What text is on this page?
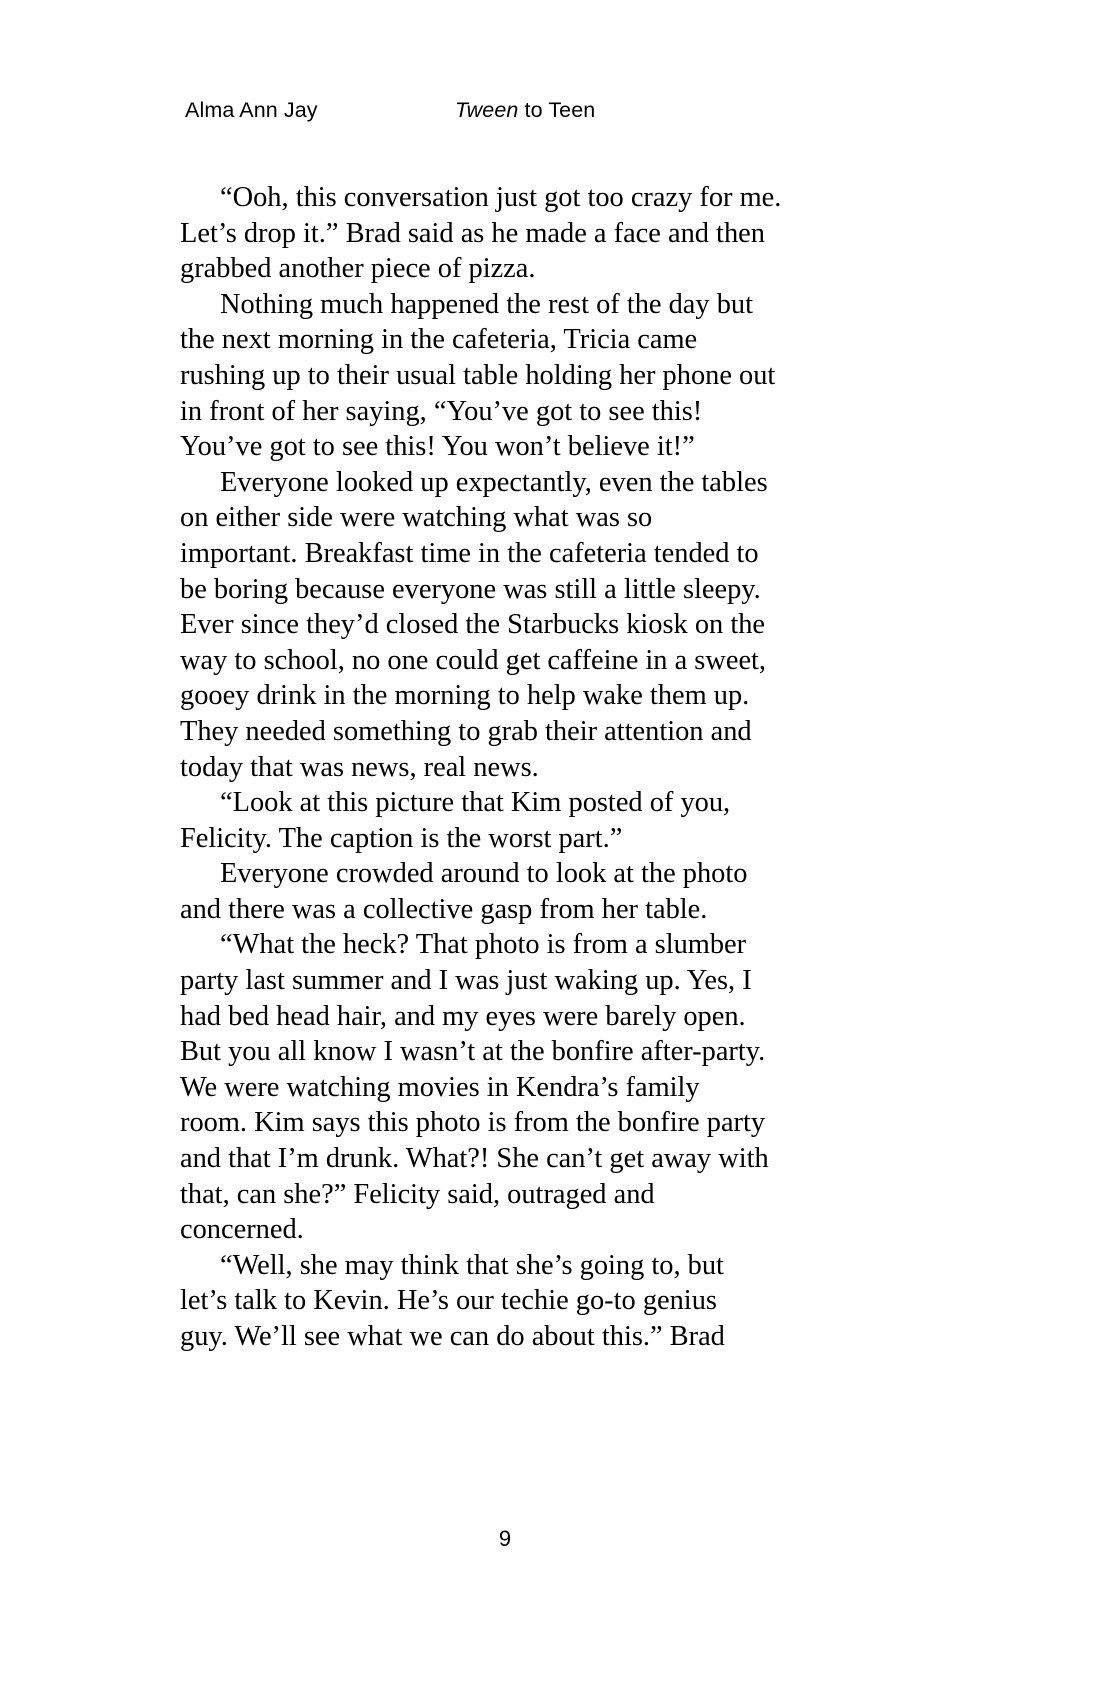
Alma Ann Jay	Tween to Teen

“Ooh, this conversation just got too crazy for me.
Let’s drop it.” Brad said as he made a face and then
grabbed another piece of pizza.

Nothing much happened the rest of the day but
the next morning in the cafeteria, Tricia came
rushing up to their usual table holding her phone out
in front of her saying, “You’ve got to see this!
You’ve got to see this! You won’t believe it!”

Everyone looked up expectantly, even the tables
on either side were watching what was so
important. Breakfast time in the cafeteria tended to
be boring because everyone was still a little sleepy.
Ever since they’d closed the Starbucks kiosk on the
way to school, no one could get caffeine in a sweet,
gooey drink in the morning to help wake them up.
They needed something to grab their attention and
today that was news, real news.

“Look at this picture that Kim posted of you,
Felicity. The caption is the worst part.”

Everyone crowded around to look at the photo
and there was a collective gasp from her table.

“What the heck? That photo is from a slumber
party last summer and I was just waking up. Yes, I
had bed head hair, and my eyes were barely open.
But you all know I wasn’t at the bonfire after-party.
We were watching movies in Kendra’s family
room. Kim says this photo is from the bonfire party
and that I’m drunk. What?! She can’t get away with
that, can she?” Felicity said, outraged and
concerned.

“Well, she may think that she’s going to, but
let’s talk to Kevin. He’s our techie go-to genius
guy. We’ll see what we can do about this.” Brad

9
